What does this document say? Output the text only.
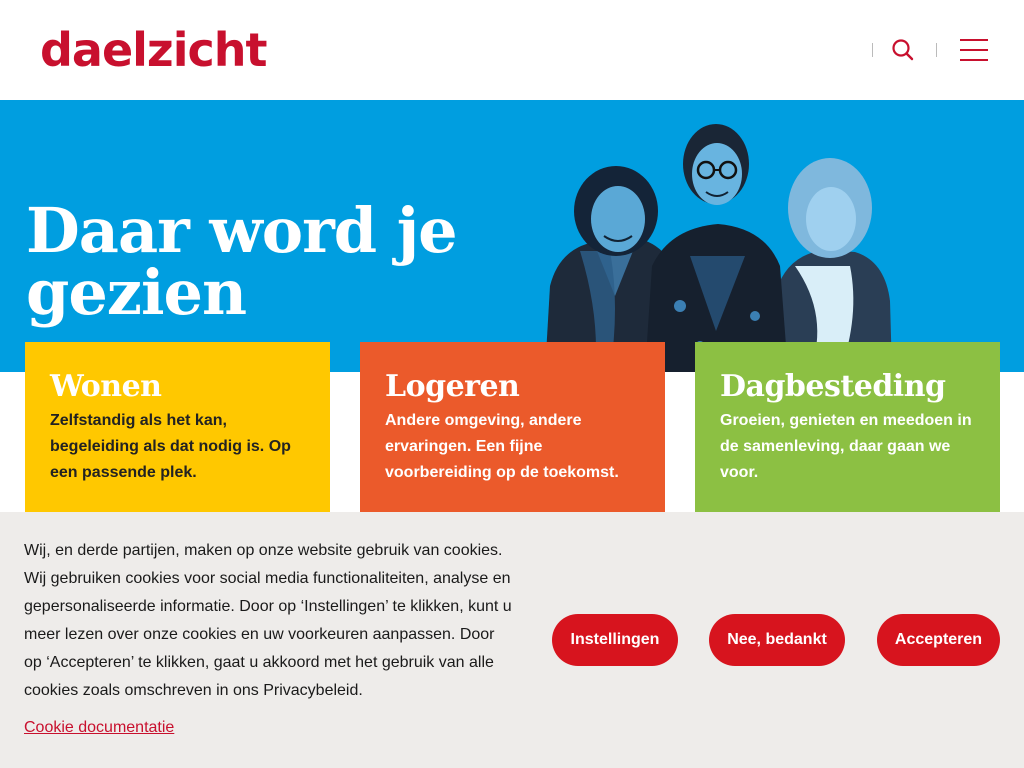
daelzicht
Daar word je gezien
Wonen
Zelfstandig als het kan, begeleiding als dat nodig is. Op een passende plek.
Logeren
Andere omgeving, andere ervaringen. Een fijne voorbereiding op de toekomst.
Dagbesteding
Groeien, genieten en meedoen in de samenleving, daar gaan we voor.

Wij, en derde partijen, maken op onze website gebruik van cookies. Wij gebruiken cookies voor social media functionaliteiten, analyse en gepersonaliseerde informatie. Door op ‘Instellingen’ te klikken, kunt u meer lezen over onze cookies en uw voorkeuren aanpassen. Door op ‘Accepteren’ te klikken, gaat u akkoord met het gebruik van alle cookies zoals omschreven in ons Privacybeleid.

Cookie documentatie
Instellingen	Nee, bedankt	Accepteren
